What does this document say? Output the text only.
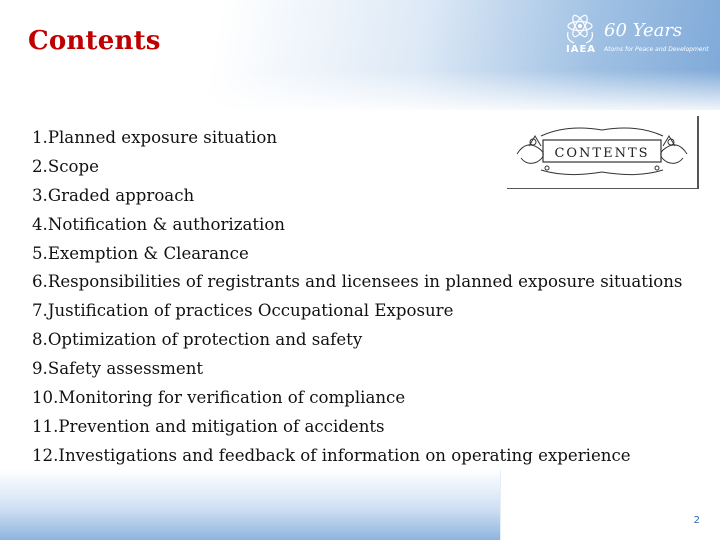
Contents	IAEA
60 Years
Atoms for Peace and Development
CONTENTS
1.Planned exposure situation
2.Scope
3.Graded approach
4.Notification & authorization
5.Exemption & Clearance
6.Responsibilities of registrants and licensees in planned exposure situations
7.Justification of practices Occupational Exposure
8.Optimization of protection and safety
9.Safety assessment
10.Monitoring for verification of compliance
11.Prevention and mitigation of accidents
12.Investigations and feedback of information on operating experience
2
